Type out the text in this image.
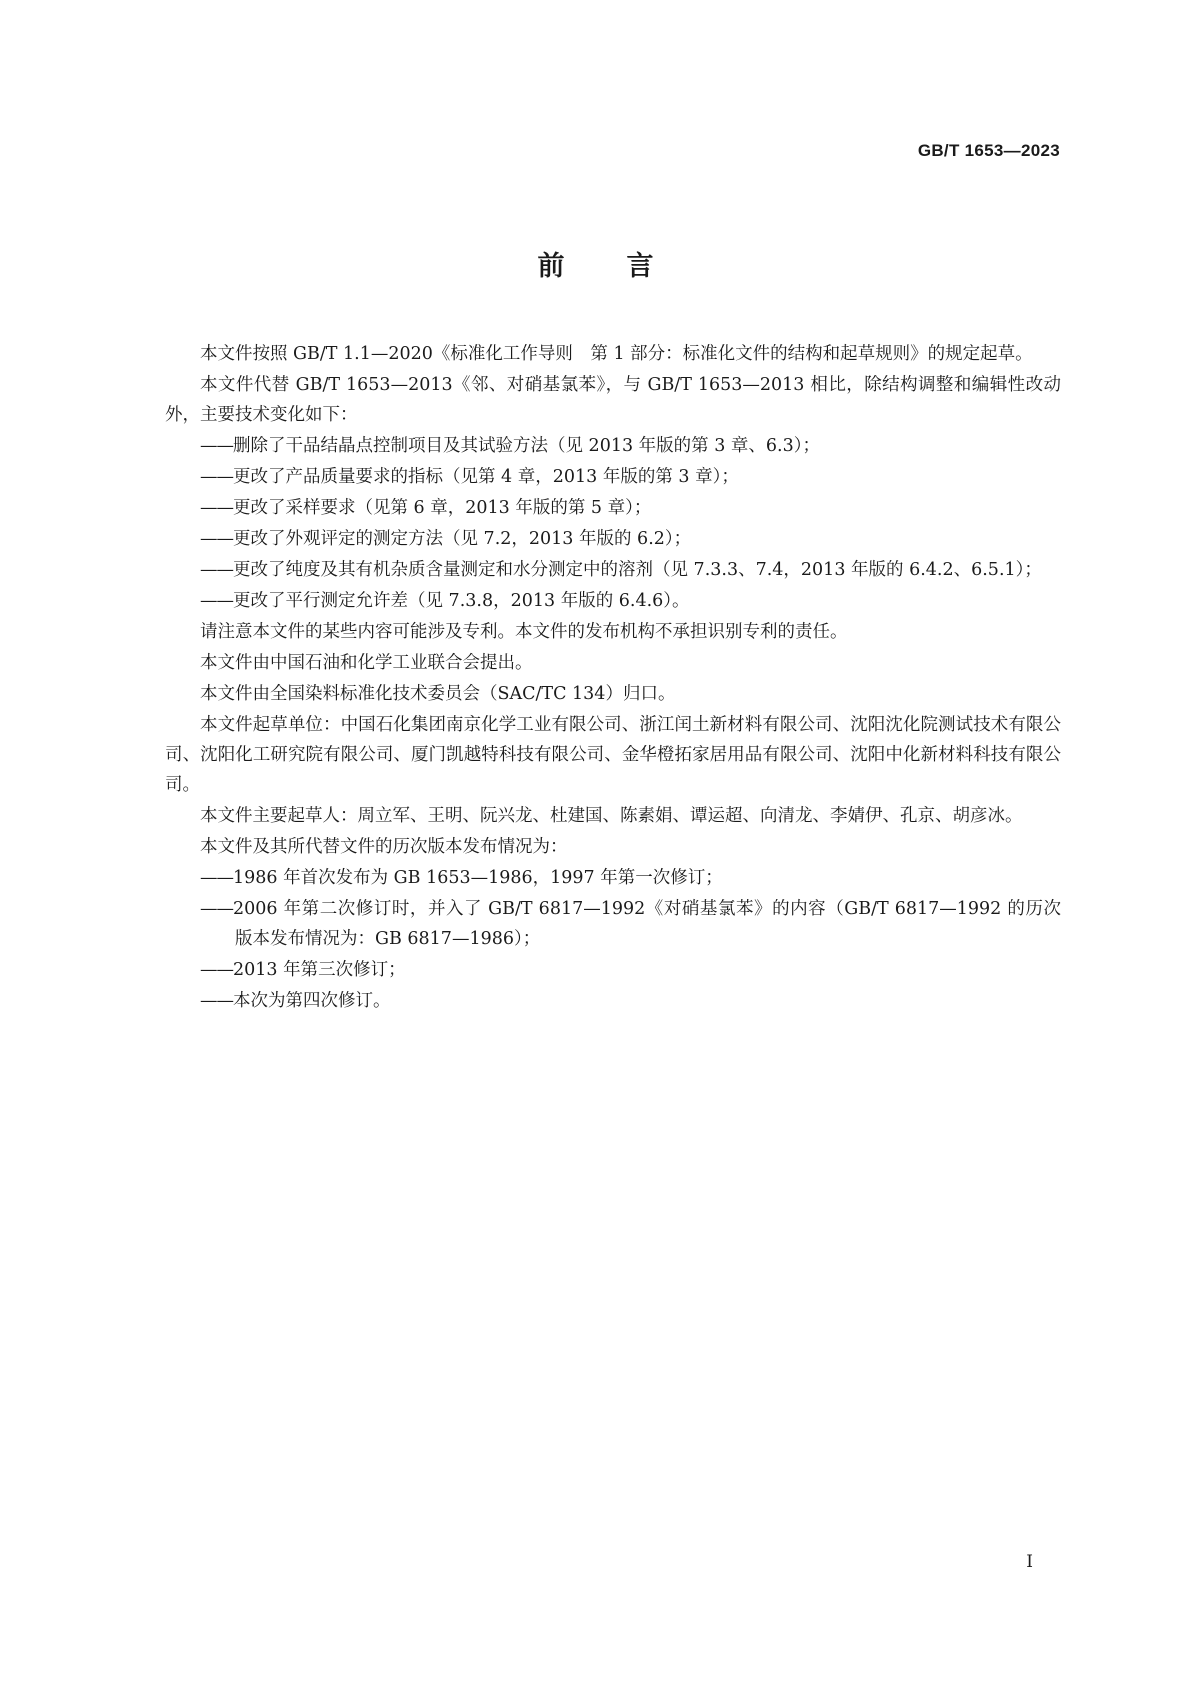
GB/T 1653—2023
前言

本文件按照 GB/T 1.1—2020《标准化工作导则　第 1 部分：标准化文件的结构和起草规则》的规定起草。

本文件代替 GB/T 1653—2013《邻、对硝基氯苯》，与 GB/T 1653—2013 相比，除结构调整和编辑性改动外，主要技术变化如下：

——删除了干品结晶点控制项目及其试验方法（见 2013 年版的第 3 章、6.3）；
——更改了产品质量要求的指标（见第 4 章，2013 年版的第 3 章）；
——更改了采样要求（见第 6 章，2013 年版的第 5 章）；
——更改了外观评定的测定方法（见 7.2，2013 年版的 6.2）；
——更改了纯度及其有机杂质含量测定和水分测定中的溶剂（见 7.3.3、7.4，2013 年版的 6.4.2、6.5.1）；
——更改了平行测定允许差（见 7.3.8，2013 年版的 6.4.6）。

请注意本文件的某些内容可能涉及专利。本文件的发布机构不承担识别专利的责任。

本文件由中国石油和化学工业联合会提出。

本文件由全国染料标准化技术委员会（SAC/TC 134）归口。

本文件起草单位：中国石化集团南京化学工业有限公司、浙江闰土新材料有限公司、沈阳沈化院测试技术有限公司、沈阳化工研究院有限公司、厦门凯越特科技有限公司、金华橙拓家居用品有限公司、沈阳中化新材料科技有限公司。

本文件主要起草人：周立军、王明、阮兴龙、杜建国、陈素娟、谭运超、向清龙、李婧伊、孔京、胡彦冰。

本文件及其所代替文件的历次版本发布情况为：

——1986 年首次发布为 GB 1653—1986，1997 年第一次修订；
——2006 年第二次修订时，并入了 GB/T 6817—1992《对硝基氯苯》的内容（GB/T 6817—1992 的历次版本发布情况为：GB 6817—1986）；
——2013 年第三次修订；
——本次为第四次修订。
I
